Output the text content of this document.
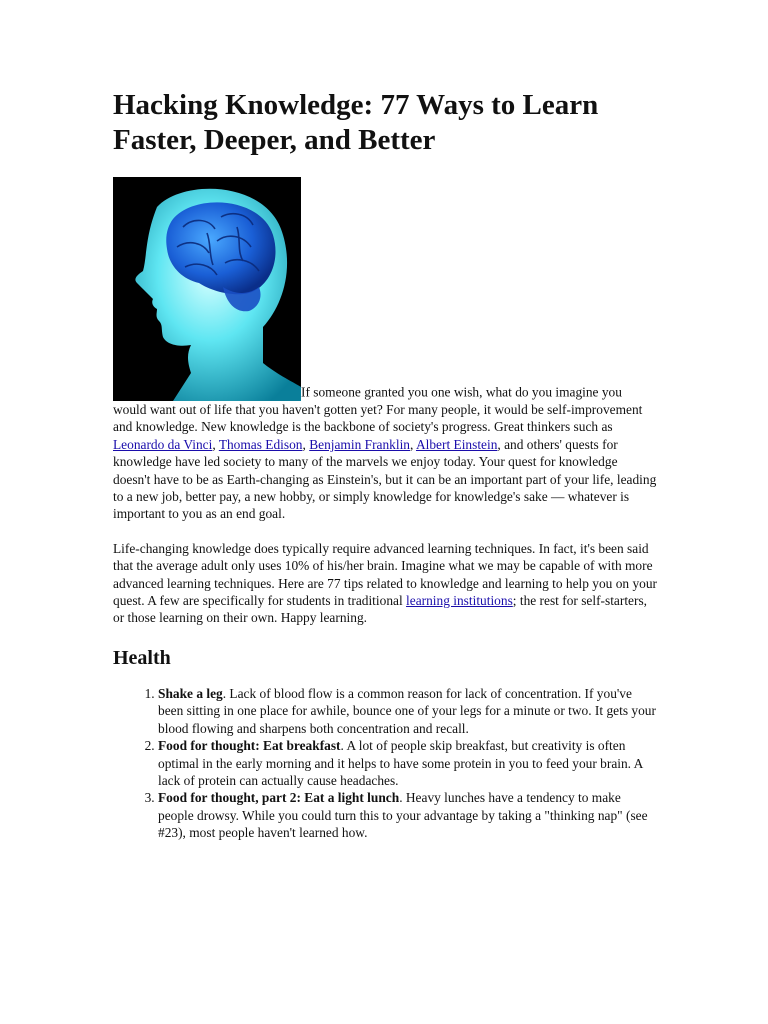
Hacking Knowledge: 77 Ways to Learn Faster, Deeper, and Better
If someone granted you one wish, what do you imagine you would want out of life that you haven't gotten yet? For many people, it would be self-improvement and knowledge. New knowledge is the backbone of society's progress. Great thinkers such as Leonardo da Vinci, Thomas Edison, Benjamin Franklin, Albert Einstein, and others' quests for knowledge have led society to many of the marvels we enjoy today. Your quest for knowledge doesn't have to be as Earth-changing as Einstein's, but it can be an important part of your life, leading to a new job, better pay, a new hobby, or simply knowledge for knowledge's sake — whatever is important to you as an end goal.

Life-changing knowledge does typically require advanced learning techniques. In fact, it's been said that the average adult only uses 10% of his/her brain. Imagine what we may be capable of with more advanced learning techniques. Here are 77 tips related to knowledge and learning to help you on your quest. A few are specifically for students in traditional learning institutions; the rest for self-starters, or those learning on their own. Happy learning.

Health
1. Shake a leg. Lack of blood flow is a common reason for lack of concentration. If you've been sitting in one place for awhile, bounce one of your legs for a minute or two. It gets your blood flowing and sharpens both concentration and recall.
2. Food for thought: Eat breakfast. A lot of people skip breakfast, but creativity is often optimal in the early morning and it helps to have some protein in you to feed your brain. A lack of protein can actually cause headaches.
3. Food for thought, part 2: Eat a light lunch. Heavy lunches have a tendency to make people drowsy. While you could turn this to your advantage by taking a "thinking nap" (see #23), most people haven't learned how.
